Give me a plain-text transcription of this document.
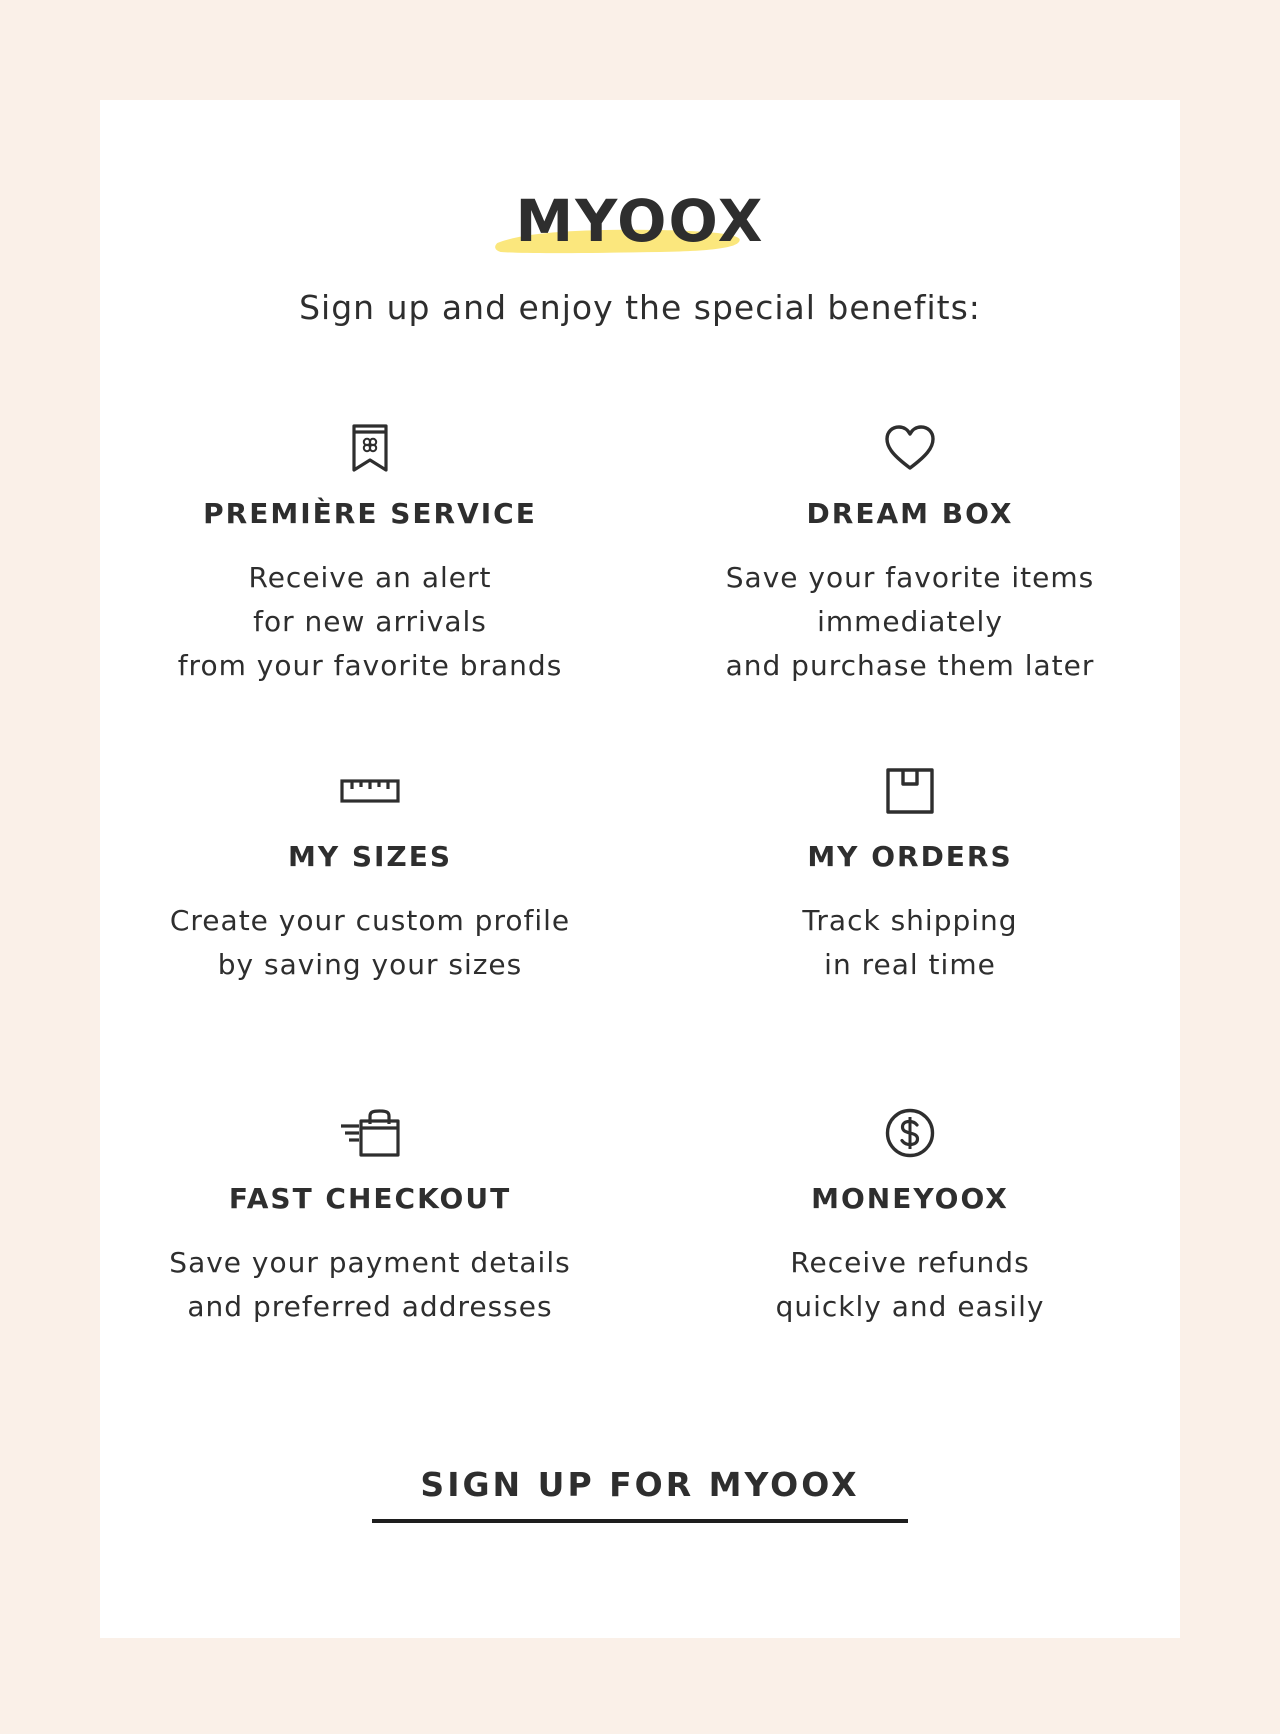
MYOOX
Sign up and enjoy the special benefits:
PREMIÈRE SERVICE
Receive an alert
for new arrivals
from your favorite brands
DREAM BOX
Save your favorite items
immediately
and purchase them later
MY SIZES
Create your custom profile
by saving your sizes
MY ORDERS
Track shipping
in real time
FAST CHECKOUT
Save your payment details
and preferred addresses
MONEYOOX
Receive refunds
quickly and easily
SIGN UP FOR MYOOX
